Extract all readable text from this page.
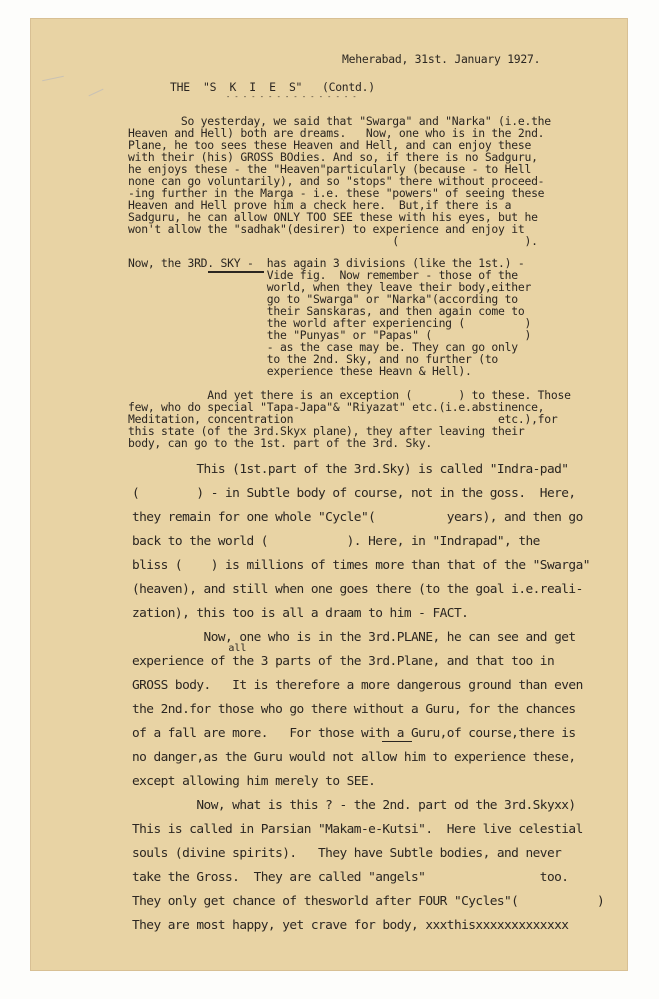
Meherabad, 31st. January 1927.
THE  "S  K  I  E  S"   (Contd.)
- - - - - - - - - - - - - - - -
So yesterday, we said that "Swarga" and "Narka" (i.e.the
Heaven and Hell) both are dreams.   Now, one who is in the 2nd.
Plane, he too sees these Heaven and Hell, and can enjoy these
with their (his) GROSS BOdies. And so, if there is no Sadguru,
he enjoys these - the "Heaven"particularly (because - to Hell
none can go voluntarily), and so "stops" there without proceed-
-ing further in the Marga - i.e. these "powers" of seeing these
Heaven and Hell prove him a check here.  But,if there is a
Sadguru, he can allow ONLY TOO SEE these with his eyes, but he
won't allow the "sadhak"(desirer) to experience and enjoy it
(                   ).
Now, the 3RD. SKY -  has again 3 divisions (like the 1st.) -
Vide fig.  Now remember - those of the
world, when they leave their body,either
go to "Swarga" or "Narka"(according to
their Sanskaras, and then again come to
the world after experiencing (         )
the "Punyas" or "Papas" (              )
- as the case may be. They can go only
to the 2nd. Sky, and no further (to
experience these Heavn & Hell).
And yet there is an exception (       ) to these. Those
few, who do special "Tapa-Japa"& "Riyazat" etc.(i.e.abstinence,
Meditation, concentration                               etc.),for
this state (of the 3rd.Skyx plane), they after leaving their
body, can go to the 1st. part of the 3rd. Sky.
This (1st.part of the 3rd.Sky) is called "Indra-pad"
(        ) - in Subtle body of course, not in the goss.  Here,
they remain for one whole "Cycle"(          years), and then go
back to the world (           ). Here, in "Indrapad", the
bliss (    ) is millions of times more than that of the "Swarga"
(heaven), and still when one goes there (to the goal i.e.reali-
zation), this too is all a draam to him - FACT.
Now, one who is in the 3rd.PLANE, he can see and get
all
experience of the 3 parts of the 3rd.Plane, and that too in
GROSS body.   It is therefore a more dangerous ground than even
the 2nd.for those who go there without a Guru, for the chances
of a fall are more.   For those with a Guru,of course,there is
no danger,as the Guru would not allow him to experience these,
except allowing him merely to SEE.
Now, what is this ? - the 2nd. part od the 3rd.Skyxx)
This is called in Parsian "Makam-e-Kutsi".  Here live celestial
souls (divine spirits).   They have Subtle bodies, and never
take the Gross.  They are called "angels"                too.
They only get chance of thesworld after FOUR "Cycles"(           )
They are most happy, yet crave for body, xxxthisxxxxxxxxxxxxx
